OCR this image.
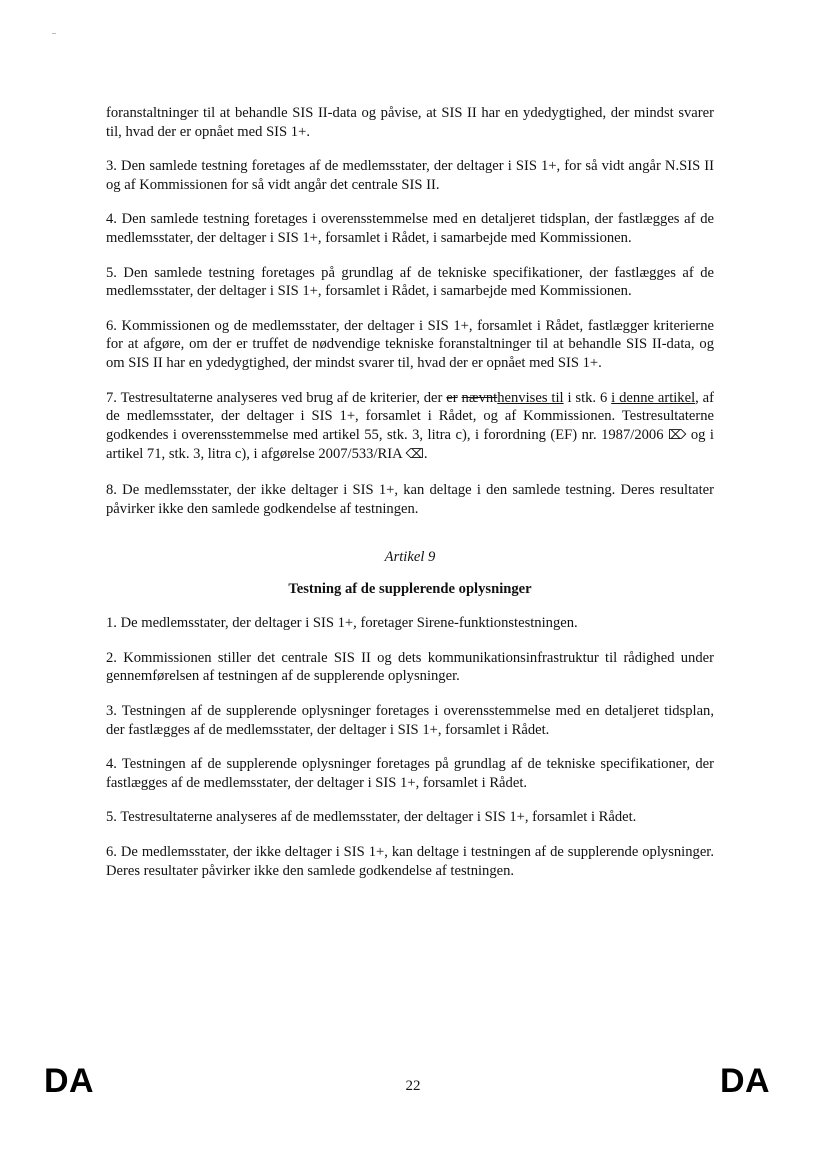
foranstaltninger til at behandle SIS II-data og påvise, at SIS II har en ydedygtighed, der mindst svarer til, hvad der er opnået med SIS 1+.

3. Den samlede testning foretages af de medlemsstater, der deltager i SIS 1+, for så vidt angår N.SIS II og af Kommissionen for så vidt angår det centrale SIS II.

4. Den samlede testning foretages i overensstemmelse med en detaljeret tidsplan, der fastlægges af de medlemsstater, der deltager i SIS 1+, forsamlet i Rådet, i samarbejde med Kommissionen.

5. Den samlede testning foretages på grundlag af de tekniske specifikationer, der fastlægges af de medlemsstater, der deltager i SIS 1+, forsamlet i Rådet, i samarbejde med Kommissionen.

6. Kommissionen og de medlemsstater, der deltager i SIS 1+, forsamlet i Rådet, fastlægger kriterierne for at afgøre, om der er truffet de nødvendige tekniske foranstaltninger til at behandle SIS II-data, og om SIS II har en ydedygtighed, der mindst svarer til, hvad der er opnået med SIS 1+.

7. Testresultaterne analyseres ved brug af de kriterier, der er nævnthenvises til i stk. 6 i denne artikel, af de medlemsstater, der deltager i SIS 1+, forsamlet i Rådet, og af Kommissionen. Testresultaterne godkendes i overensstemmelse med artikel 55, stk. 3, litra c), i forordning (EF) nr. 1987/2006 ⌦ og i artikel 71, stk. 3, litra c), i afgørelse 2007/533/RIA ⌫.

8. De medlemsstater, der ikke deltager i SIS 1+, kan deltage i den samlede testning. Deres resultater påvirker ikke den samlede godkendelse af testningen.

Artikel 9

Testning af de supplerende oplysninger

1. De medlemsstater, der deltager i SIS 1+, foretager Sirene-funktionstestningen.

2. Kommissionen stiller det centrale SIS II og dets kommunikationsinfrastruktur til rådighed under gennemførelsen af testningen af de supplerende oplysninger.

3. Testningen af de supplerende oplysninger foretages i overensstemmelse med en detaljeret tidsplan, der fastlægges af de medlemsstater, der deltager i SIS 1+, forsamlet i Rådet.

4. Testningen af de supplerende oplysninger foretages på grundlag af de tekniske specifikationer, der fastlægges af de medlemsstater, der deltager i SIS 1+, forsamlet i Rådet.

5. Testresultaterne analyseres af de medlemsstater, der deltager i SIS 1+, forsamlet i Rådet.

6. De medlemsstater, der ikke deltager i SIS 1+, kan deltage i testningen af de supplerende oplysninger. Deres resultater påvirker ikke den samlede godkendelse af testningen.

DA	22	DA
